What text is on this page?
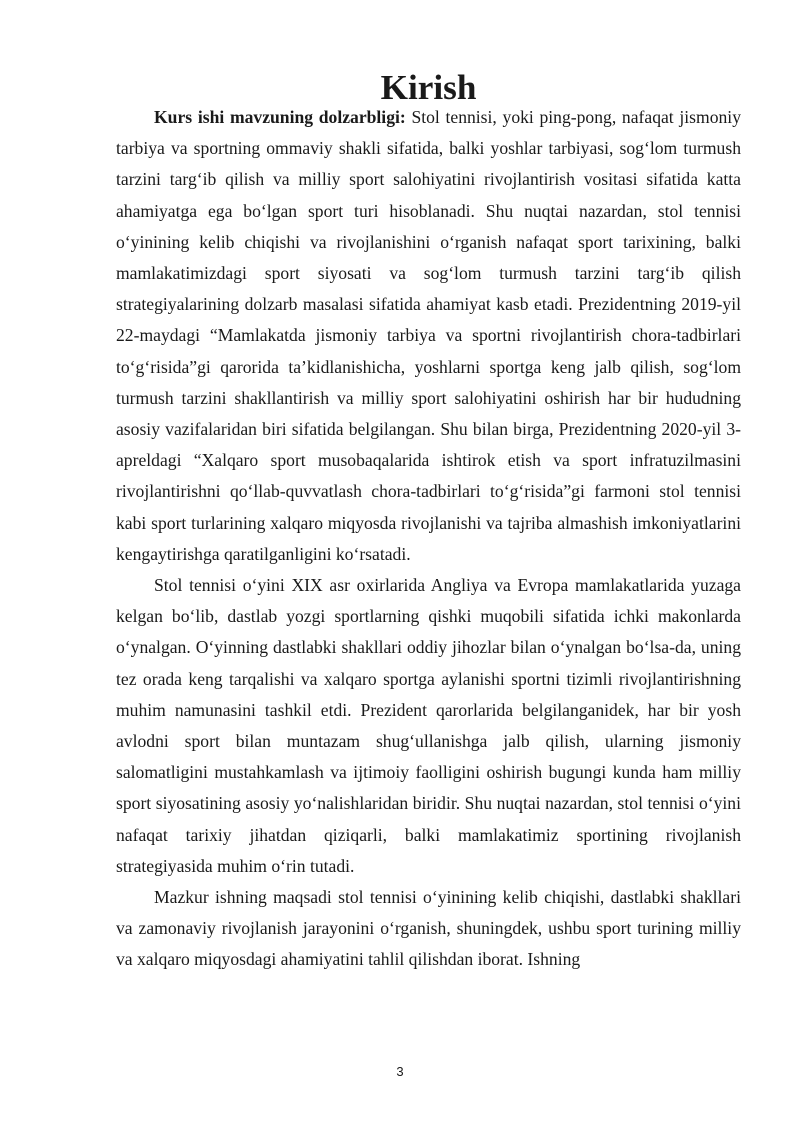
Kirish

Kurs ishi mavzuning dolzarbligi: Stol tennisi, yoki ping-pong, nafaqat jismoniy tarbiya va sportning ommaviy shakli sifatida, balki yoshlar tarbiyasi, sog‘lom turmush tarzini targ‘ib qilish va milliy sport salohiyatini rivojlantirish vositasi sifatida katta ahamiyatga ega bo‘lgan sport turi hisoblanadi. Shu nuqtai nazardan, stol tennisi o‘yinining kelib chiqishi va rivojlanishini o‘rganish nafaqat sport tarixining, balki mamlakatimizdagi sport siyosati va sog‘lom turmush tarzini targ‘ib qilish strategiyalarining dolzarb masalasi sifatida ahamiyat kasb etadi. Prezidentning 2019-yil 22-maydagi “Mamlakatda jismoniy tarbiya va sportni rivojlantirish chora-tadbirlari to‘g‘risida”gi qarorida ta’kidlanishicha, yoshlarni sportga keng jalb qilish, sog‘lom turmush tarzini shakllantirish va milliy sport salohiyatini oshirish har bir hududning asosiy vazifalaridan biri sifatida belgilangan. Shu bilan birga, Prezidentning 2020-yil 3-apreldagi “Xalqaro sport musobaqalarida ishtirok etish va sport infratuzilmasini rivojlantirishni qo‘llab-quvvatlash chora-tadbirlari to‘g‘risida”gi farmoni stol tennisi kabi sport turlarining xalqaro miqyosda rivojlanishi va tajriba almashish imkoniyatlarini kengaytirishga qaratilganligini ko‘rsatadi.

Stol tennisi o‘yini XIX asr oxirlarida Angliya va Evropa mamlakatlarida yuzaga kelgan bo‘lib, dastlab yozgi sportlarning qishki muqobili sifatida ichki makonlarda o‘ynalgan. O‘yinning dastlabki shakllari oddiy jihozlar bilan o‘ynalgan bo‘lsa-da, uning tez orada keng tarqalishi va xalqaro sportga aylanishi sportni tizimli rivojlantirishning muhim namunasini tashkil etdi. Prezident qarorlarida belgilanganidek, har bir yosh avlodni sport bilan muntazam shug‘ullanishga jalb qilish, ularning jismoniy salomatligini mustahkamlash va ijtimoiy faolligini oshirish bugungi kunda ham milliy sport siyosatining asosiy yo‘nalishlaridan biridir. Shu nuqtai nazardan, stol tennisi o‘yini nafaqat tarixiy jihatdan qiziqarli, balki mamlakatimiz sportining rivojlanish strategiyasida muhim o‘rin tutadi.

Mazkur ishning maqsadi stol tennisi o‘yinining kelib chiqishi, dastlabki shakllari va zamonaviy rivojlanish jarayonini o‘rganish, shuningdek, ushbu sport turining milliy va xalqaro miqyosdagi ahamiyatini tahlil qilishdan iborat. Ishning

3
